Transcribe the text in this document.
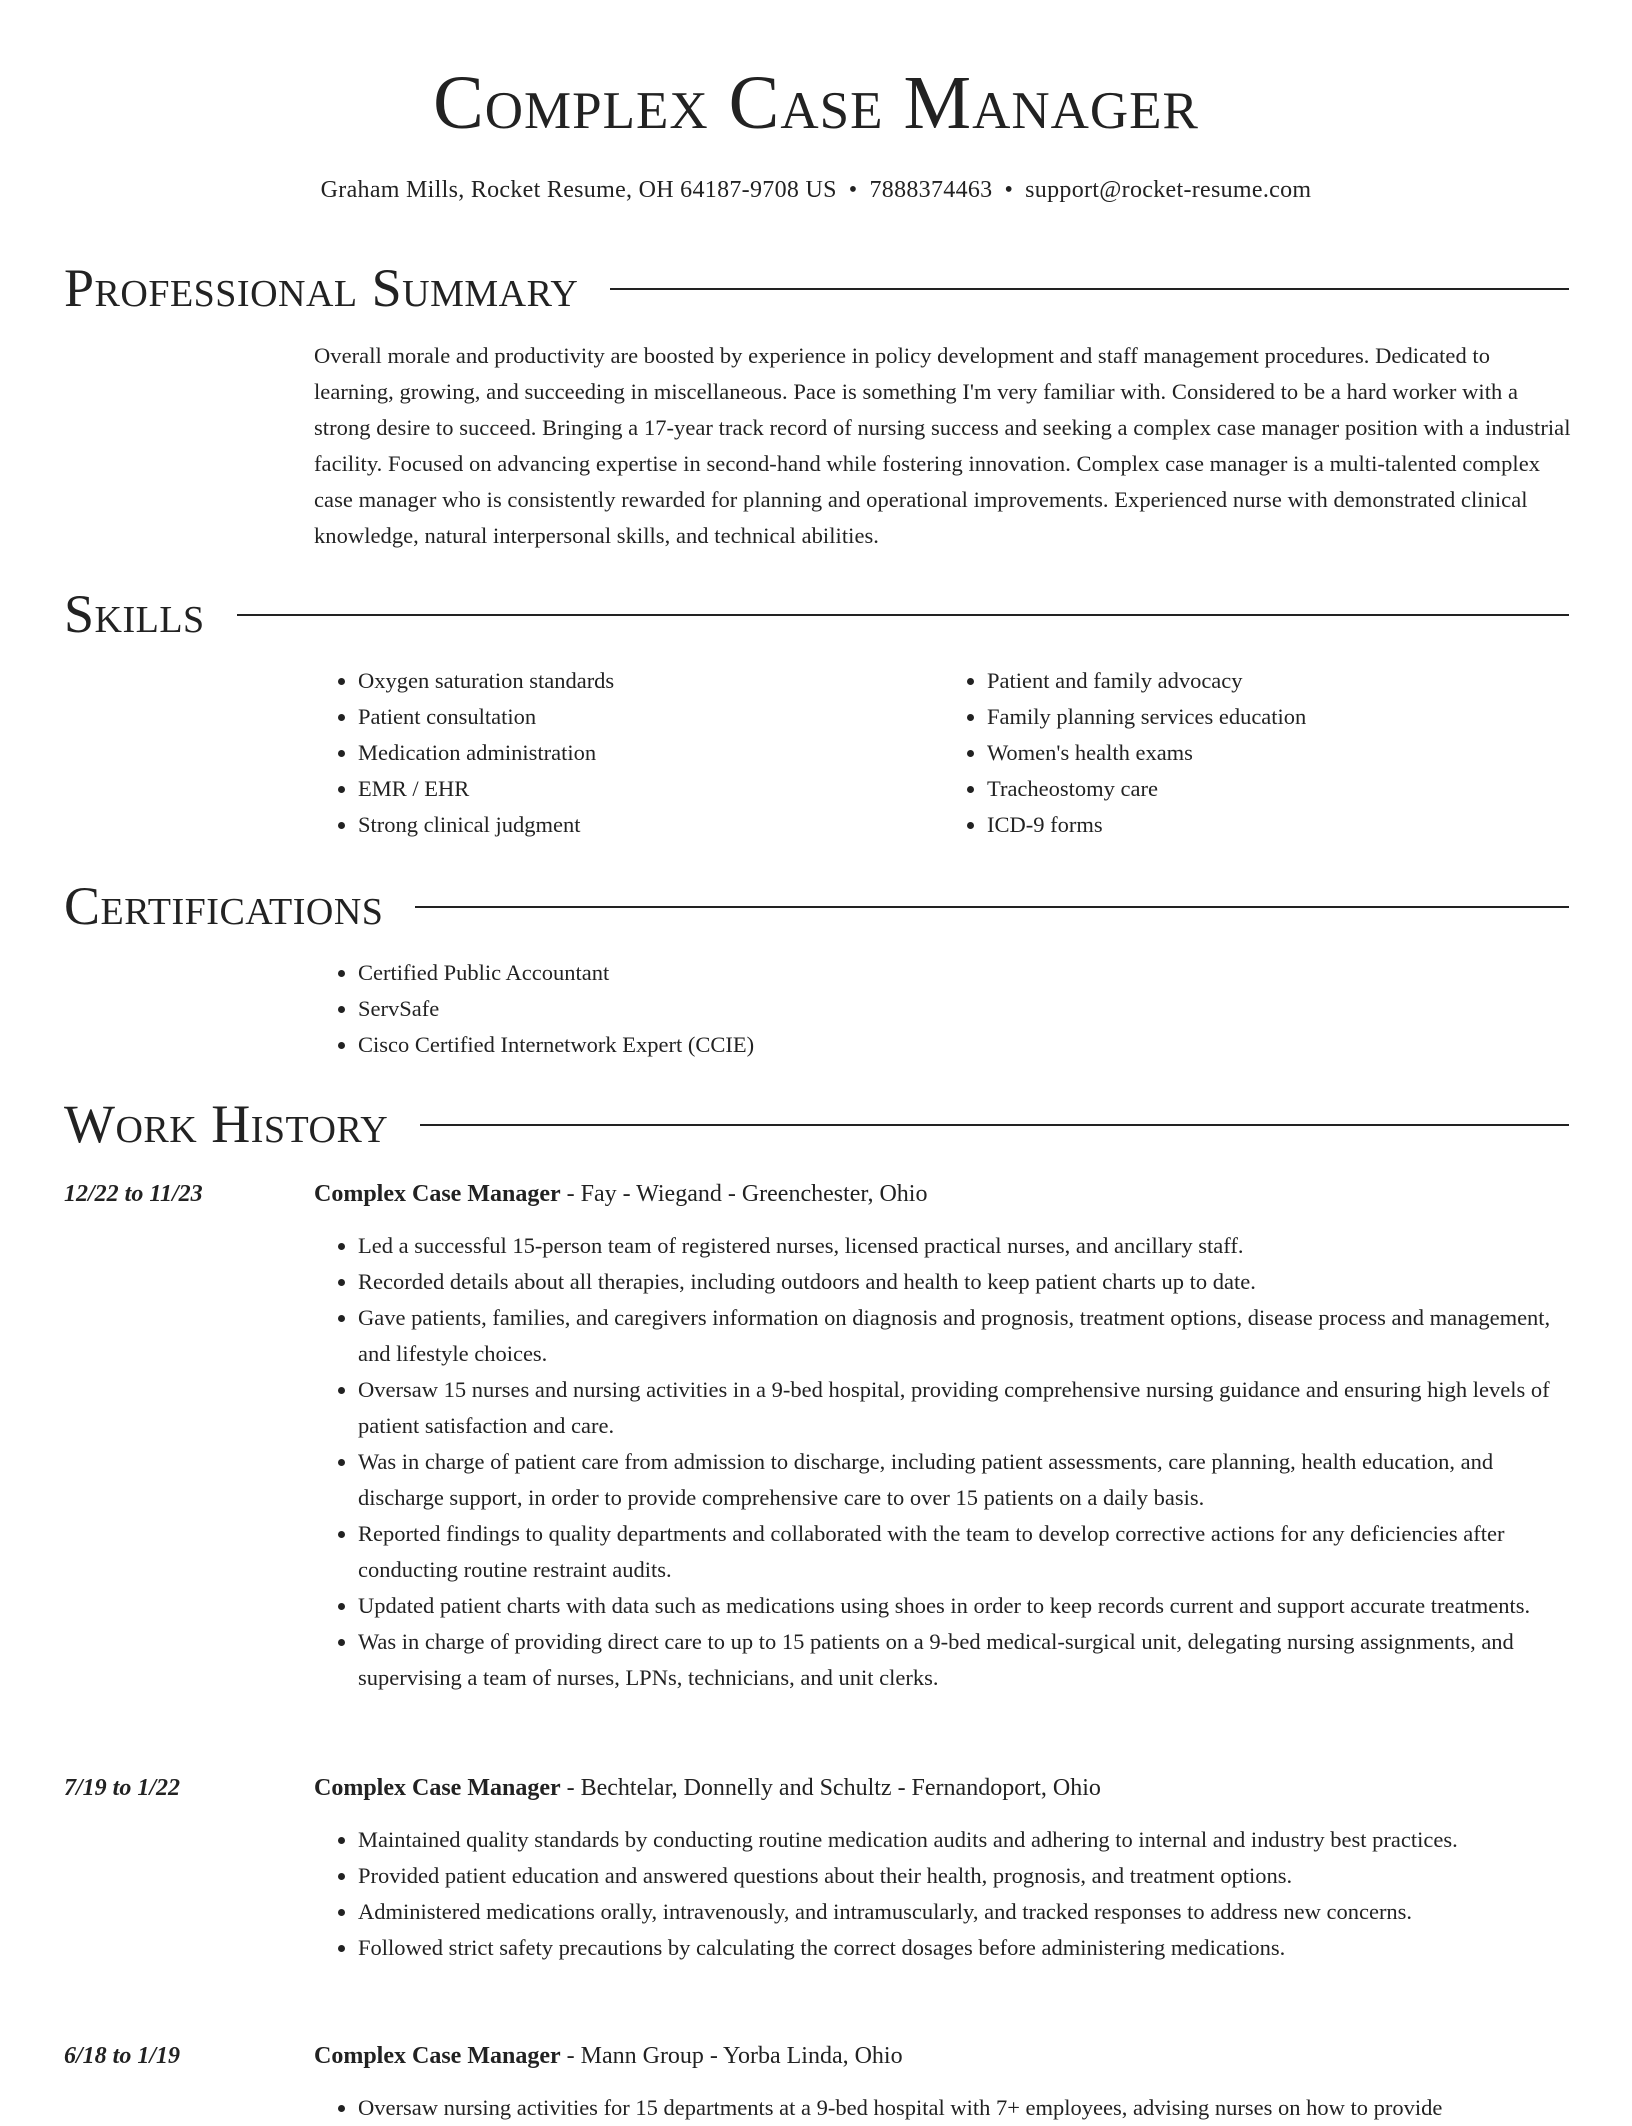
Complex Case Manager
Graham Mills, Rocket Resume, OH 64187-9708 US • 7888374463 • support@rocket-resume.com
Professional Summary

Overall morale and productivity are boosted by experience in policy development and staff management procedures. Dedicated to learning, growing, and succeeding in miscellaneous. Pace is something I'm very familiar with. Considered to be a hard worker with a strong desire to succeed. Bringing a 17-year track record of nursing success and seeking a complex case manager position with a industrial facility. Focused on advancing expertise in second-hand while fostering innovation. Complex case manager is a multi-talented complex case manager who is consistently rewarded for planning and operational improvements. Experienced nurse with demonstrated clinical knowledge, natural interpersonal skills, and technical abilities.

Skills
• Oxygen saturation standards
• Patient consultation
• Medication administration
• EMR / EHR
• Strong clinical judgment
• Patient and family advocacy
• Family planning services education
• Women's health exams
• Tracheostomy care
• ICD-9 forms
Certifications
• Certified Public Accountant
• ServSafe
• Cisco Certified Internetwork Expert (CCIE)
Work History
12/22 to 11/23	Complex Case Manager - Fay - Wiegand - Greenchester, Ohio

• Led a successful 15-person team of registered nurses, licensed practical nurses, and ancillary staff.
• Recorded details about all therapies, including outdoors and health to keep patient charts up to date.
• Gave patients, families, and caregivers information on diagnosis and prognosis, treatment options, disease process and management, and lifestyle choices.
• Oversaw 15 nurses and nursing activities in a 9-bed hospital, providing comprehensive nursing guidance and ensuring high levels of patient satisfaction and care.
• Was in charge of patient care from admission to discharge, including patient assessments, care planning, health education, and discharge support, in order to provide comprehensive care to over 15 patients on a daily basis.
• Reported findings to quality departments and collaborated with the team to develop corrective actions for any deficiencies after conducting routine restraint audits.
• Updated patient charts with data such as medications using shoes in order to keep records current and support accurate treatments.
• Was in charge of providing direct care to up to 15 patients on a 9-bed medical-surgical unit, delegating nursing assignments, and supervising a team of nurses, LPNs, technicians, and unit clerks.
7/19 to 1/22	Complex Case Manager - Bechtelar, Donnelly and Schultz - Fernandoport, Ohio

• Maintained quality standards by conducting routine medication audits and adhering to internal and industry best practices.
• Provided patient education and answered questions about their health, prognosis, and treatment options.
• Administered medications orally, intravenously, and intramuscularly, and tracked responses to address new concerns.
• Followed strict safety precautions by calculating the correct dosages before administering medications.
6/18 to 1/19	Complex Case Manager - Mann Group - Yorba Linda, Ohio

• Oversaw nursing activities for 15 departments at a 9-bed hospital with 7+ employees, advising nurses on how to provide
